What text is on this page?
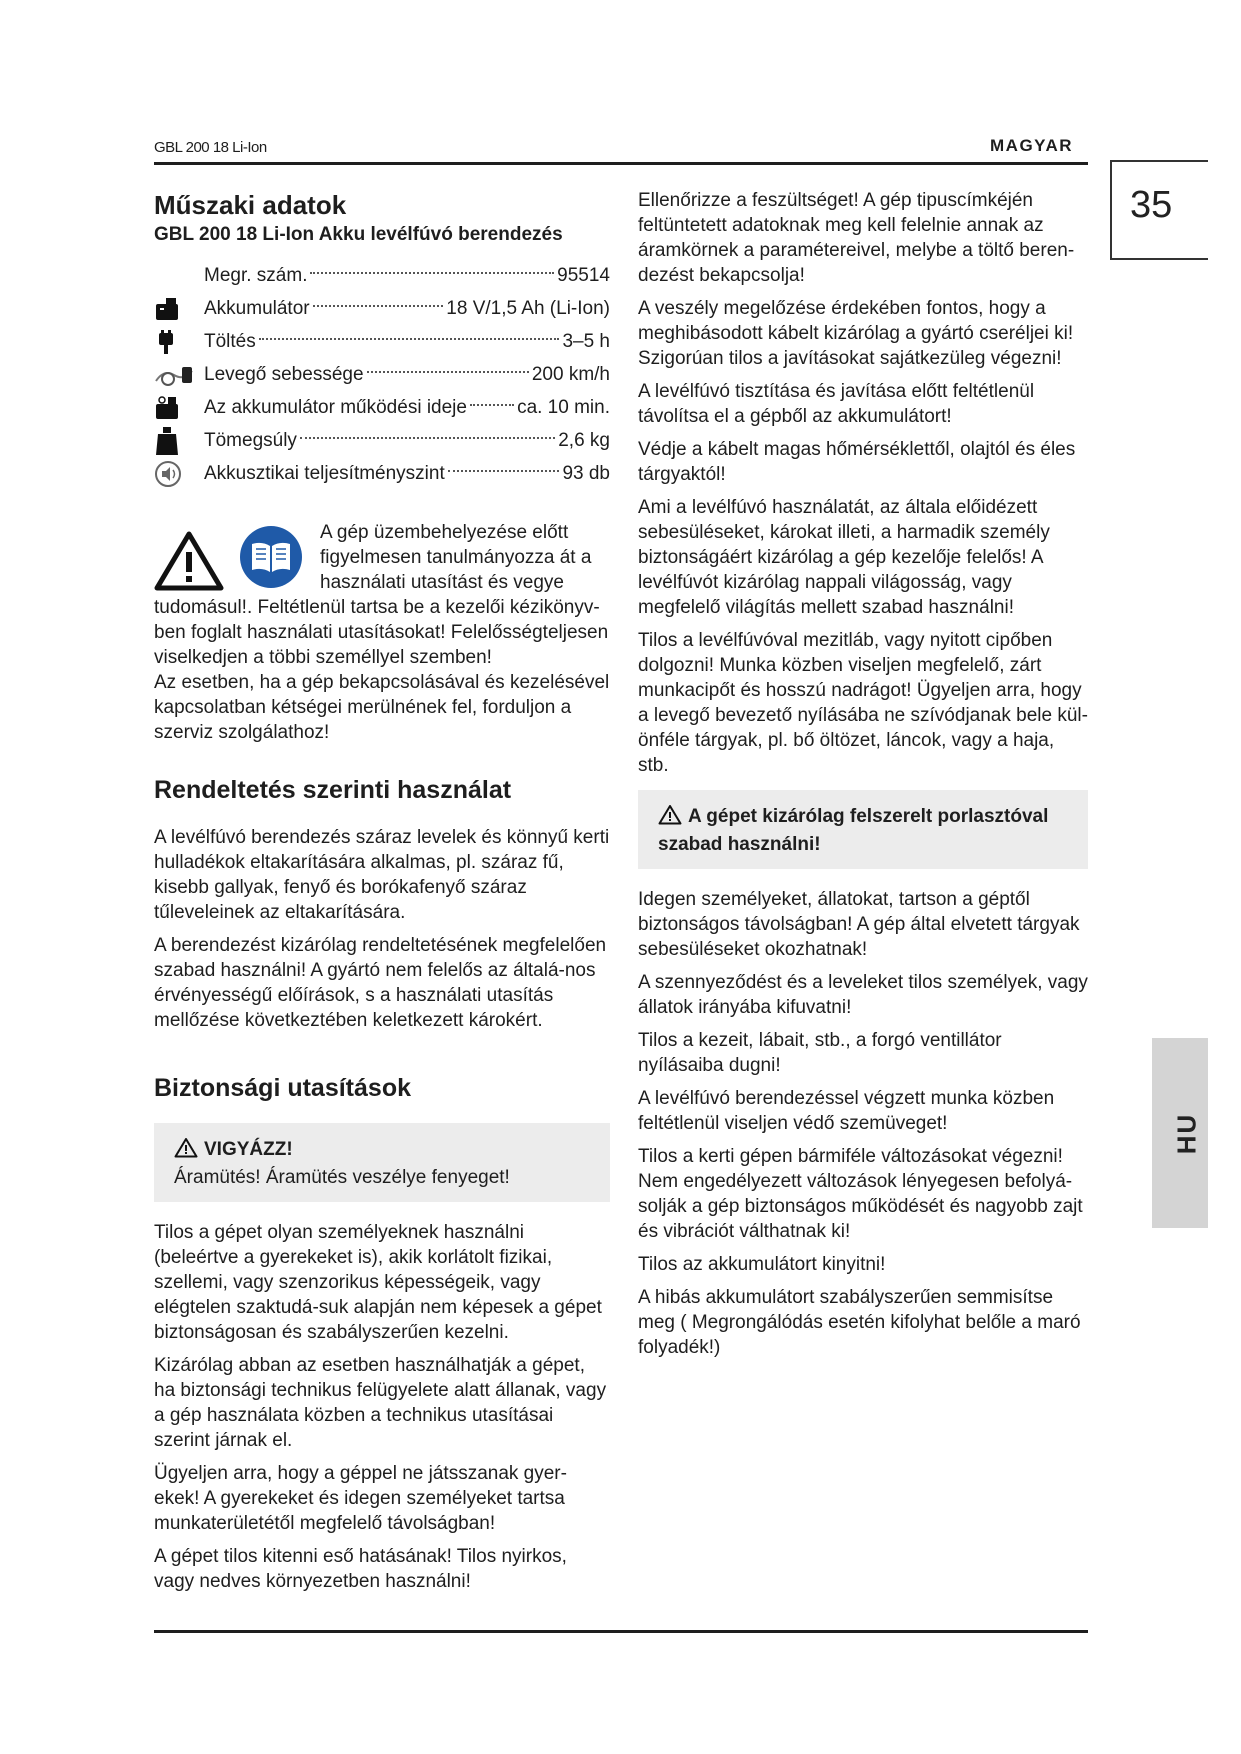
GBL 200 18 Li-Ion	MAGYAR
35
HU
Műszaki adatok
GBL 200 18 Li-Ion Akku levélfúvó berendezés
Megr. szám.	95514
Akkumulátor	18 V/1,5 Ah (Li-Ion)
Töltés	3–5 h
Levegő sebessége	200 km/h
Az akkumulátor működési ideje	ca. 10 min.
Tömegsúly	2,6 kg
Akkusztikai teljesítményszint	93 db

A gép üzembehelyezése előtt figyelmesen tanulmányozza át a használati utasítást és vegye

tudomásul!. Feltétlenül tartsa be a kezelői kézikönyv-ben foglalt használati utasításokat! Felelősségteljesen viselkedjen a többi személlyel szemben!

Az esetben, ha a gép bekapcsolásával és kezelésével kapcsolatban kétségei merülnének fel, forduljon a szerviz szolgálathoz!

Rendeltetés szerinti használat

A levélfúvó berendezés száraz levelek és könnyű kerti hulladékok eltakarítására alkalmas, pl. száraz fű, kisebb gallyak, fenyő és borókafenyő száraz tűleveleinek az eltakarítására.

A berendezést kizárólag rendeltetésének megfelelően szabad használni! A gyártó nem felelős az általá-nos érvényességű előírások, s a használati utasítás mellőzése következtében keletkezett károkért.

Biztonsági utasítások
VIGYÁZZ!
Áramütés! Áramütés veszélye fenyeget!

Tilos a gépet olyan személyeknek használni (beleértve a gyerekeket is), akik korlátolt fizikai, szellemi, vagy szenzorikus képességeik, vagy elégtelen szaktudá-suk alapján nem képesek a gépet biztonságosan és szabályszerűen kezelni.

Kizárólag abban az esetben használhatják a gépet, ha biztonsági technikus felügyelete alatt állanak, vagy a gép használata közben a technikus utasításai szerint járnak el.

Ügyeljen arra, hogy a géppel ne játsszanak gyer-ekek! A gyerekeket és idegen személyeket tartsa munkaterületétől megfelelő távolságban!

A gépet tilos kitenni eső hatásának! Tilos nyirkos, vagy nedves környezetben használni!

Ellenőrizze a feszültséget! A gép tipuscímkéjén feltüntetett adatoknak meg kell felelnie annak az áramkörnek a paramétereivel, melybe a töltő beren-dezést bekapcsolja!

A veszély megelőzése érdekében fontos, hogy a meghibásodott kábelt kizárólag a gyártó cseréljei ki! Szigorúan tilos a javításokat sajátkezüleg végezni!

A levélfúvó tisztítása és javítása előtt feltétlenül távolítsa el a gépből az akkumulátort!

Védje a kábelt magas hőmérséklettől, olajtól és éles tárgyaktól!

Ami a levélfúvó használatát, az általa előidézett sebesüléseket, károkat illeti, a harmadik személy biztonságáért kizárólag a gép kezelője felelős! A levélfúvót kizárólag nappali világosság, vagy megfelelő világítás mellett szabad használni!

Tilos a levélfúvóval mezitláb, vagy nyitott cipőben dolgozni! Munka közben viseljen megfelelő, zárt munkacipőt és hosszú nadrágot! Ügyeljen arra, hogy a levegő bevezető nyílásába ne szívódjanak bele kül-önféle tárgyak, pl. bő öltözet, láncok, vagy a haja, stb.

A gépet kizárólag felszerelt porlasztóval szabad használni!

Idegen személyeket, állatokat, tartson a géptől biztonságos távolságban! A gép által elvetett tárgyak sebesüléseket okozhatnak!

A szennyeződést és a leveleket tilos személyek, vagy állatok irányába kifuvatni!

Tilos a kezeit, lábait, stb., a forgó ventillátor nyílásaiba dugni!

A levélfúvó berendezéssel végzett munka közben feltétlenül viseljen védő szemüveget!

Tilos a kerti gépen bármiféle változásokat végezni! Nem engedélyezett változások lényegesen befolyá-solják a gép biztonságos működését és nagyobb zajt és vibrációt válthatnak ki!

Tilos az akkumulátort kinyitni!

A hibás akkumulátort szabályszerűen semmisítse meg ( Megrongálódás esetén kifolyhat belőle a maró folyadék!)
